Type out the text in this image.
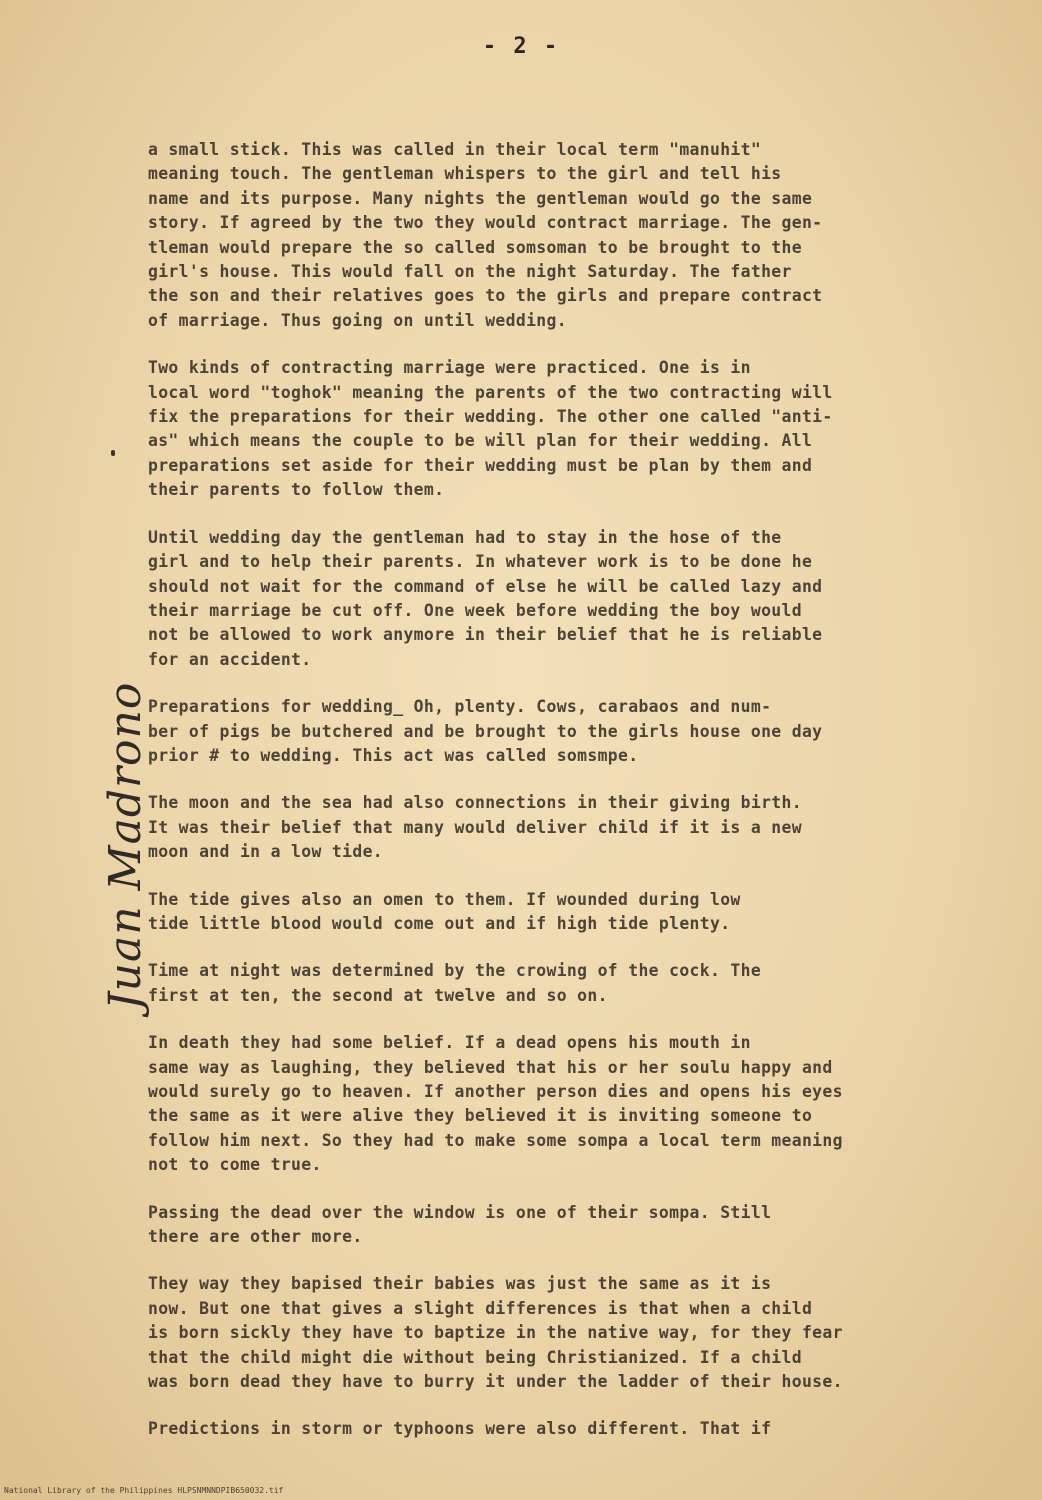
- 2 -
Juan Madrono

a small stick. This was called in their local term "manuhit"
meaning touch. The gentleman whispers to the girl and tell his
name and its purpose. Many nights the gentleman would go the same
story. If agreed by the two they would contract marriage. The gen-
tleman would prepare the so called somsoman to be brought to the
girl's house. This would fall on the night Saturday. The father
the son and their relatives goes to the girls and prepare contract
of marriage. Thus going on until wedding.

Two kinds of contracting marriage were practiced. One is in
local word "toghok" meaning the parents of the two contracting will
fix the preparations for their wedding. The other one called "anti-
as" which means the couple to be will plan for their wedding. All
preparations set aside for their wedding must be plan by them and
their parents to follow them.

Until wedding day the gentleman had to stay in the hose of the
girl and to help their parents. In whatever work is to be done he
should not wait for the command of else he will be called lazy and
their marriage be cut off. One week before wedding the boy would
not be allowed to work anymore in their belief that he is reliable
for an accident.

Preparations for wedding_ Oh, plenty. Cows, carabaos and num-
ber of pigs be butchered and be brought to the girls house one day
prior # to wedding. This act was called somsmpe.

The moon and the sea had also connections in their giving birth.
It was their belief that many would deliver child if it is a new
moon and in a low tide.

The tide gives also an omen to them. If wounded during low
tide little blood would come out and if high tide plenty.

Time at night was determined by the crowing of the cock. The
first at ten, the second at twelve and so on.

In death they had some belief. If a dead opens his mouth in
same way as laughing, they believed that his or her soulu happy and
would surely go to heaven. If another person dies and opens his eyes
the same as it were alive they believed it is inviting someone to
follow him next. So they had to make some sompa a local term meaning
not to come true.

Passing the dead over the window is one of their sompa. Still
there are other more.

They way they bapised their babies was just the same as it is
now. But one that gives a slight differences is that when a child
is born sickly they have to baptize in the native way, for they fear
that the child might die without being Christianized. If a child
was born dead they have to burry it under the ladder of their house.

Predictions in storm or typhoons were also different. That if

National Library of the Philippines HLPSNMNNDPIB650032.tif
